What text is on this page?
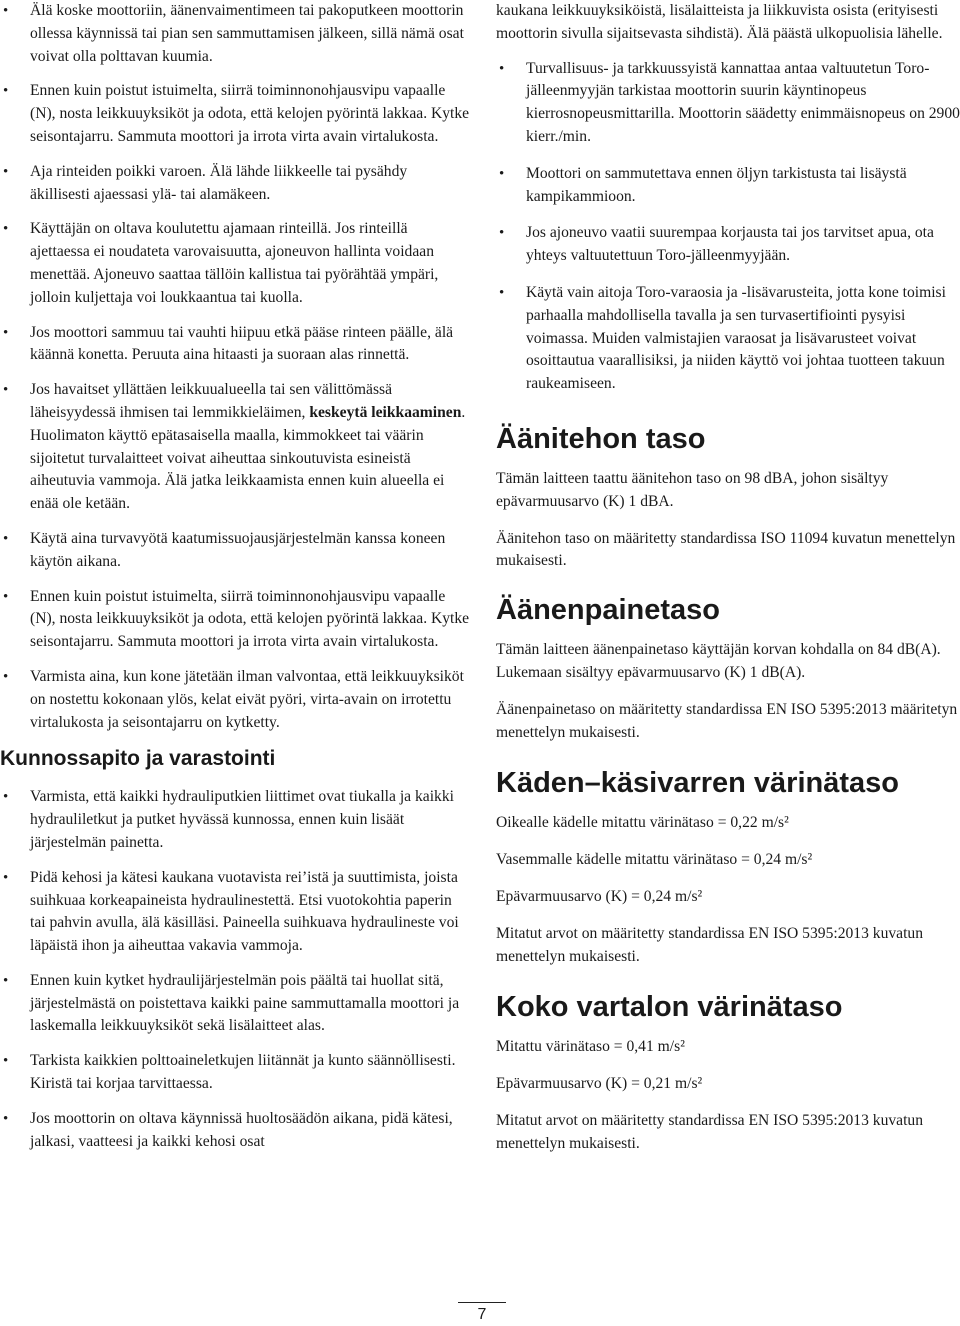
• Älä koske moottoriin, äänenvaimentimeen tai pakoputkeen moottorin ollessa käynnissä tai pian sen sammuttamisen jälkeen, sillä nämä osat voivat olla polttavan kuumia.
• Ennen kuin poistut istuimelta, siirrä toiminnonohjausvipu vapaalle (N), nosta leikkuuyksiköt ja odota, että kelojen pyörintä lakkaa. Kytke seisontajarru. Sammuta moottori ja irrota virta avain virtalukosta.
• Aja rinteiden poikki varoen. Älä lähde liikkeelle tai pysähdy äkillisesti ajaessasi ylä- tai alamäkeen.
• Käyttäjän on oltava koulutettu ajamaan rinteillä. Jos rinteillä ajettaessa ei noudateta varovaisuutta, ajoneuvon hallinta voidaan menettää. Ajoneuvo saattaa tällöin kallistua tai pyörähtää ympäri, jolloin kuljettaja voi loukkaantua tai kuolla.
• Jos moottori sammuu tai vauhti hiipuu etkä pääse rinteen päälle, älä käännä konetta. Peruuta aina hitaasti ja suoraan alas rinnettä.
• Jos havaitset yllättäen leikkuualueella tai sen välittömässä läheisyydessä ihmisen tai lemmikkieläimen, keskeytä leikkaaminen. Huolimaton käyttö epätasaisella maalla, kimmokkeet tai väärin sijoitetut turvalaitteet voivat aiheuttaa sinkoutuvista esineistä aiheutuvia vammoja. Älä jatka leikkaamista ennen kuin alueella ei enää ole ketään.
• Käytä aina turvavyötä kaatumissuojausjärjestelmän kanssa koneen käytön aikana.
• Ennen kuin poistut istuimelta, siirrä toiminnonohjausvipu vapaalle (N), nosta leikkuuyksiköt ja odota, että kelojen pyörintä lakkaa. Kytke seisontajarru. Sammuta moottori ja irrota virta avain virtalukosta.
• Varmista aina, kun kone jätetään ilman valvontaa, että leikkuuyksiköt on nostettu kokonaan ylös, kelat eivät pyöri, virta-avain on irrotettu virtalukosta ja seisontajarru on kytketty.
Kunnossapito ja varastointi
• Varmista, että kaikki hydrauliputkien liittimet ovat tiukalla ja kaikki hydrauliletkut ja putket hyvässä kunnossa, ennen kuin lisäät järjestelmän painetta.
• Pidä kehosi ja kätesi kaukana vuotavista rei’istä ja suuttimista, joista suihkuaa korkeapaineista hydraulinestettä. Etsi vuotokohtia paperin tai pahvin avulla, älä käsilläsi. Paineella suihkuava hydraulineste voi läpäistä ihon ja aiheuttaa vakavia vammoja.
• Ennen kuin kytket hydraulijärjestelmän pois päältä tai huollat sitä, järjestelmästä on poistettava kaikki paine sammuttamalla moottori ja laskemalla leikkuuyksiköt sekä lisälaitteet alas.
• Tarkista kaikkien polttoaineletkujen liitännät ja kunto säännöllisesti. Kiristä tai korjaa tarvittaessa.
• Jos moottorin on oltava käynnissä huoltosäädön aikana, pidä kätesi, jalkasi, vaatteesi ja kaikki kehosi osat

kaukana leikkuuyksiköistä, lisälaitteista ja liikkuvista osista (erityisesti moottorin sivulla sijaitsevasta sihdistä). Älä päästä ulkopuolisia lähelle.

• Turvallisuus- ja tarkkuussyistä kannattaa antaa valtuutetun Toro-jälleenmyyjän tarkistaa moottorin suurin käyntinopeus kierrosnopeusmittarilla. Moottorin säädetty enimmäisnopeus on 2900 kierr./min.
• Moottori on sammutettava ennen öljyn tarkistusta tai lisäystä kampikammioon.
• Jos ajoneuvo vaatii suurempaa korjausta tai jos tarvitset apua, ota yhteys valtuutettuun Toro-jälleenmyyjään.
• Käytä vain aitoja Toro-varaosia ja -lisävarusteita, jotta kone toimisi parhaalla mahdollisella tavalla ja sen turvasertifiointi pysyisi voimassa. Muiden valmistajien varaosat ja lisävarusteet voivat osoittautua vaarallisiksi, ja niiden käyttö voi johtaa tuotteen takuun raukeamiseen.
Äänitehon taso

Tämän laitteen taattu äänitehon taso on 98 dBA, johon sisältyy epävarmuusarvo (K) 1 dBA.

Äänitehon taso on määritetty standardissa ISO 11094 kuvatun menettelyn mukaisesti.

Äänenpainetaso

Tämän laitteen äänenpainetaso käyttäjän korvan kohdalla on 84 dB(A). Lukemaan sisältyy epävarmuusarvo (K) 1 dB(A).

Äänenpainetaso on määritetty standardissa EN ISO 5395:2013 määritetyn menettelyn mukaisesti.

Käden–käsivarren värinätaso

Oikealle kädelle mitattu värinätaso = 0,22 m/s²

Vasemmalle kädelle mitattu värinätaso = 0,24 m/s²

Epävarmuusarvo (K) = 0,24 m/s²

Mitatut arvot on määritetty standardissa EN ISO 5395:2013 kuvatun menettelyn mukaisesti.

Koko vartalon värinätaso

Mitattu värinätaso = 0,41 m/s²

Epävarmuusarvo (K) = 0,21 m/s²

Mitatut arvot on määritetty standardissa EN ISO 5395:2013 kuvatun menettelyn mukaisesti.

7
